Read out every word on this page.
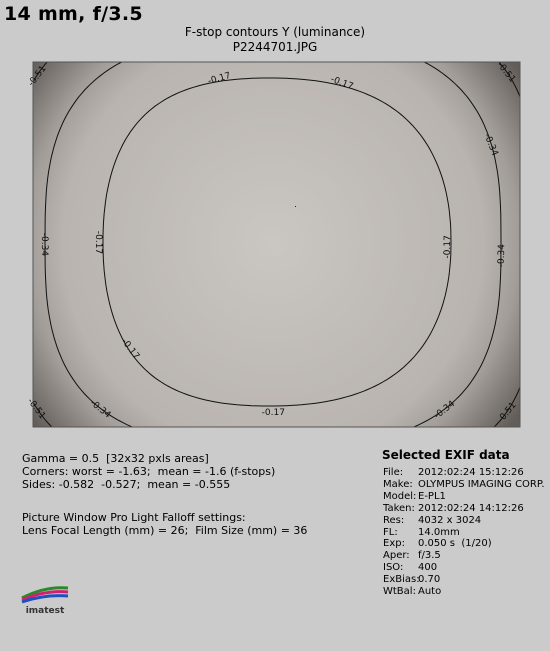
14 mm, f/3.5
F-stop contours Y (luminance)
P2244701.JPG
-0.17	-0.17
-0.17
-0.17
-0.17
-0.17
-0.34
-0.34
-0.34
-0.34
-0.34
-0.51	-0.51
-0.51
-0.51
Gamma = 0.5  [32x32 pxls areas]
Corners: worst = -1.63;  mean = -1.6 (f-stops)
Sides: -0.582  -0.527;  mean = -0.555
Picture Window Pro Light Falloff settings:
Lens Focal Length (mm) = 26;  Film Size (mm) = 36
Selected EXIF data
File: 2012:02:24 15:12:26
Make: OLYMPUS IMAGING CORP.
Model: E-PL1
Taken: 2012:02:24 14:12:26
Res: 4032 x 3024
FL: 14.0mm
Exp: 0.050 s  (1/20)
Aper: f/3.5
ISO: 400
ExBias:0.70
WtBal: Auto
imatest
